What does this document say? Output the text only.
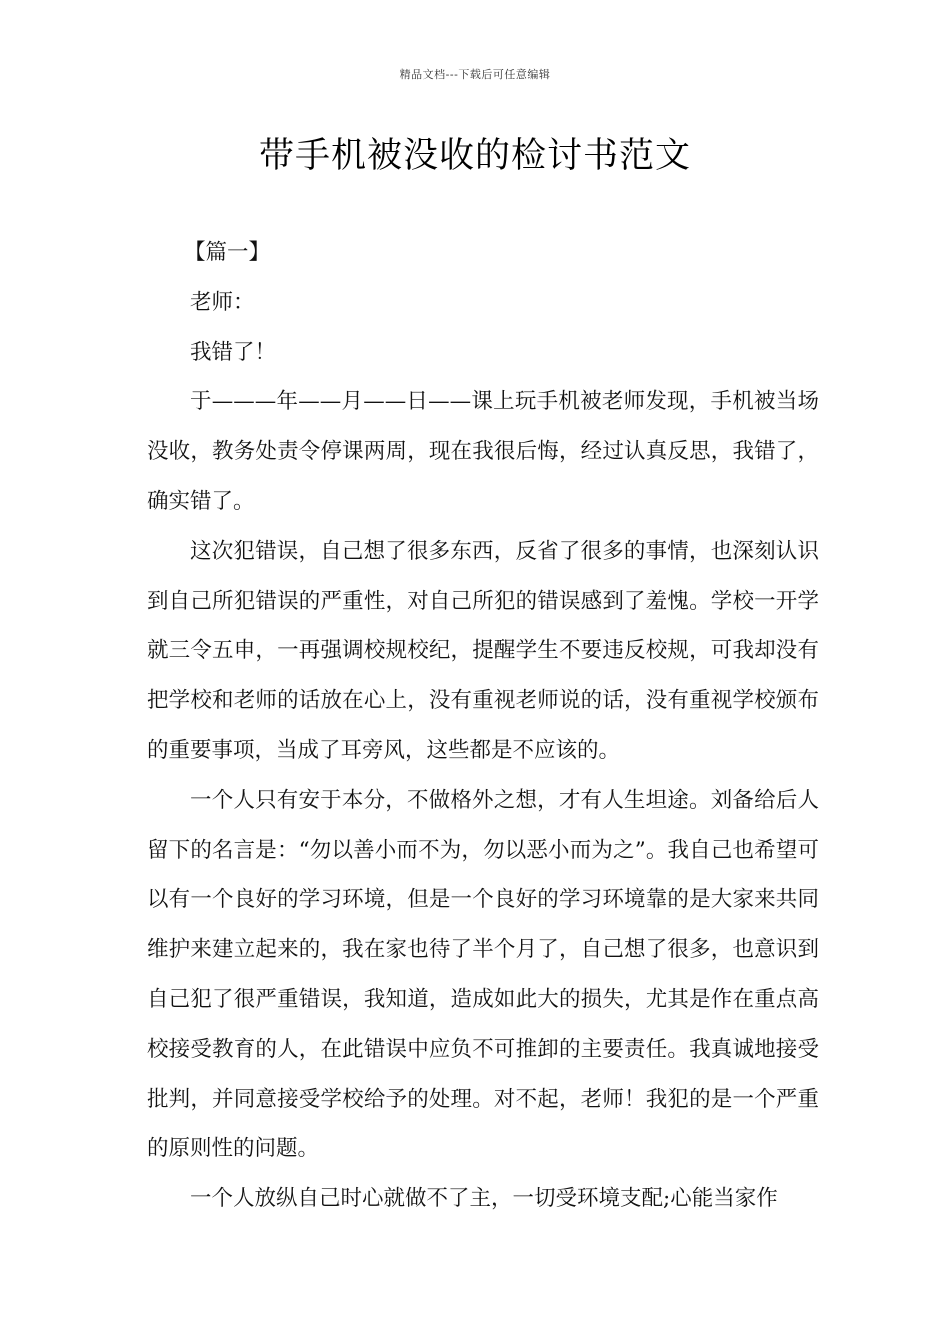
精品文档---下载后可任意编辑
带手机被没收的检讨书范文

【篇一】

老师：

我错了！

于———年——月——日——课上玩手机被老师发现，手机被当场没收，教务处责令停课两周，现在我很后悔，经过认真反思，我错了，确实错了。

这次犯错误，自己想了很多东西，反省了很多的事情，也深刻认识到自己所犯错误的严重性，对自己所犯的错误感到了羞愧。学校一开学就三令五申，一再强调校规校纪，提醒学生不要违反校规，可我却没有把学校和老师的话放在心上，没有重视老师说的话，没有重视学校颁布的重要事项，当成了耳旁风，这些都是不应该的。

一个人只有安于本分，不做格外之想，才有人生坦途。刘备给后人留下的名言是：“勿以善小而不为，勿以恶小而为之”。我自己也希望可以有一个良好的学习环境，但是一个良好的学习环境靠的是大家来共同维护来建立起来的，我在家也待了半个月了，自己想了很多，也意识到自己犯了很严重错误，我知道，造成如此大的损失，尤其是作在重点高校接受教育的人，在此错误中应负不可推卸的主要责任。我真诚地接受批判，并同意接受学校给予的处理。对不起，老师！我犯的是一个严重的原则性的问题。

一个人放纵自己时心就做不了主，一切受环境支配;心能当家作
